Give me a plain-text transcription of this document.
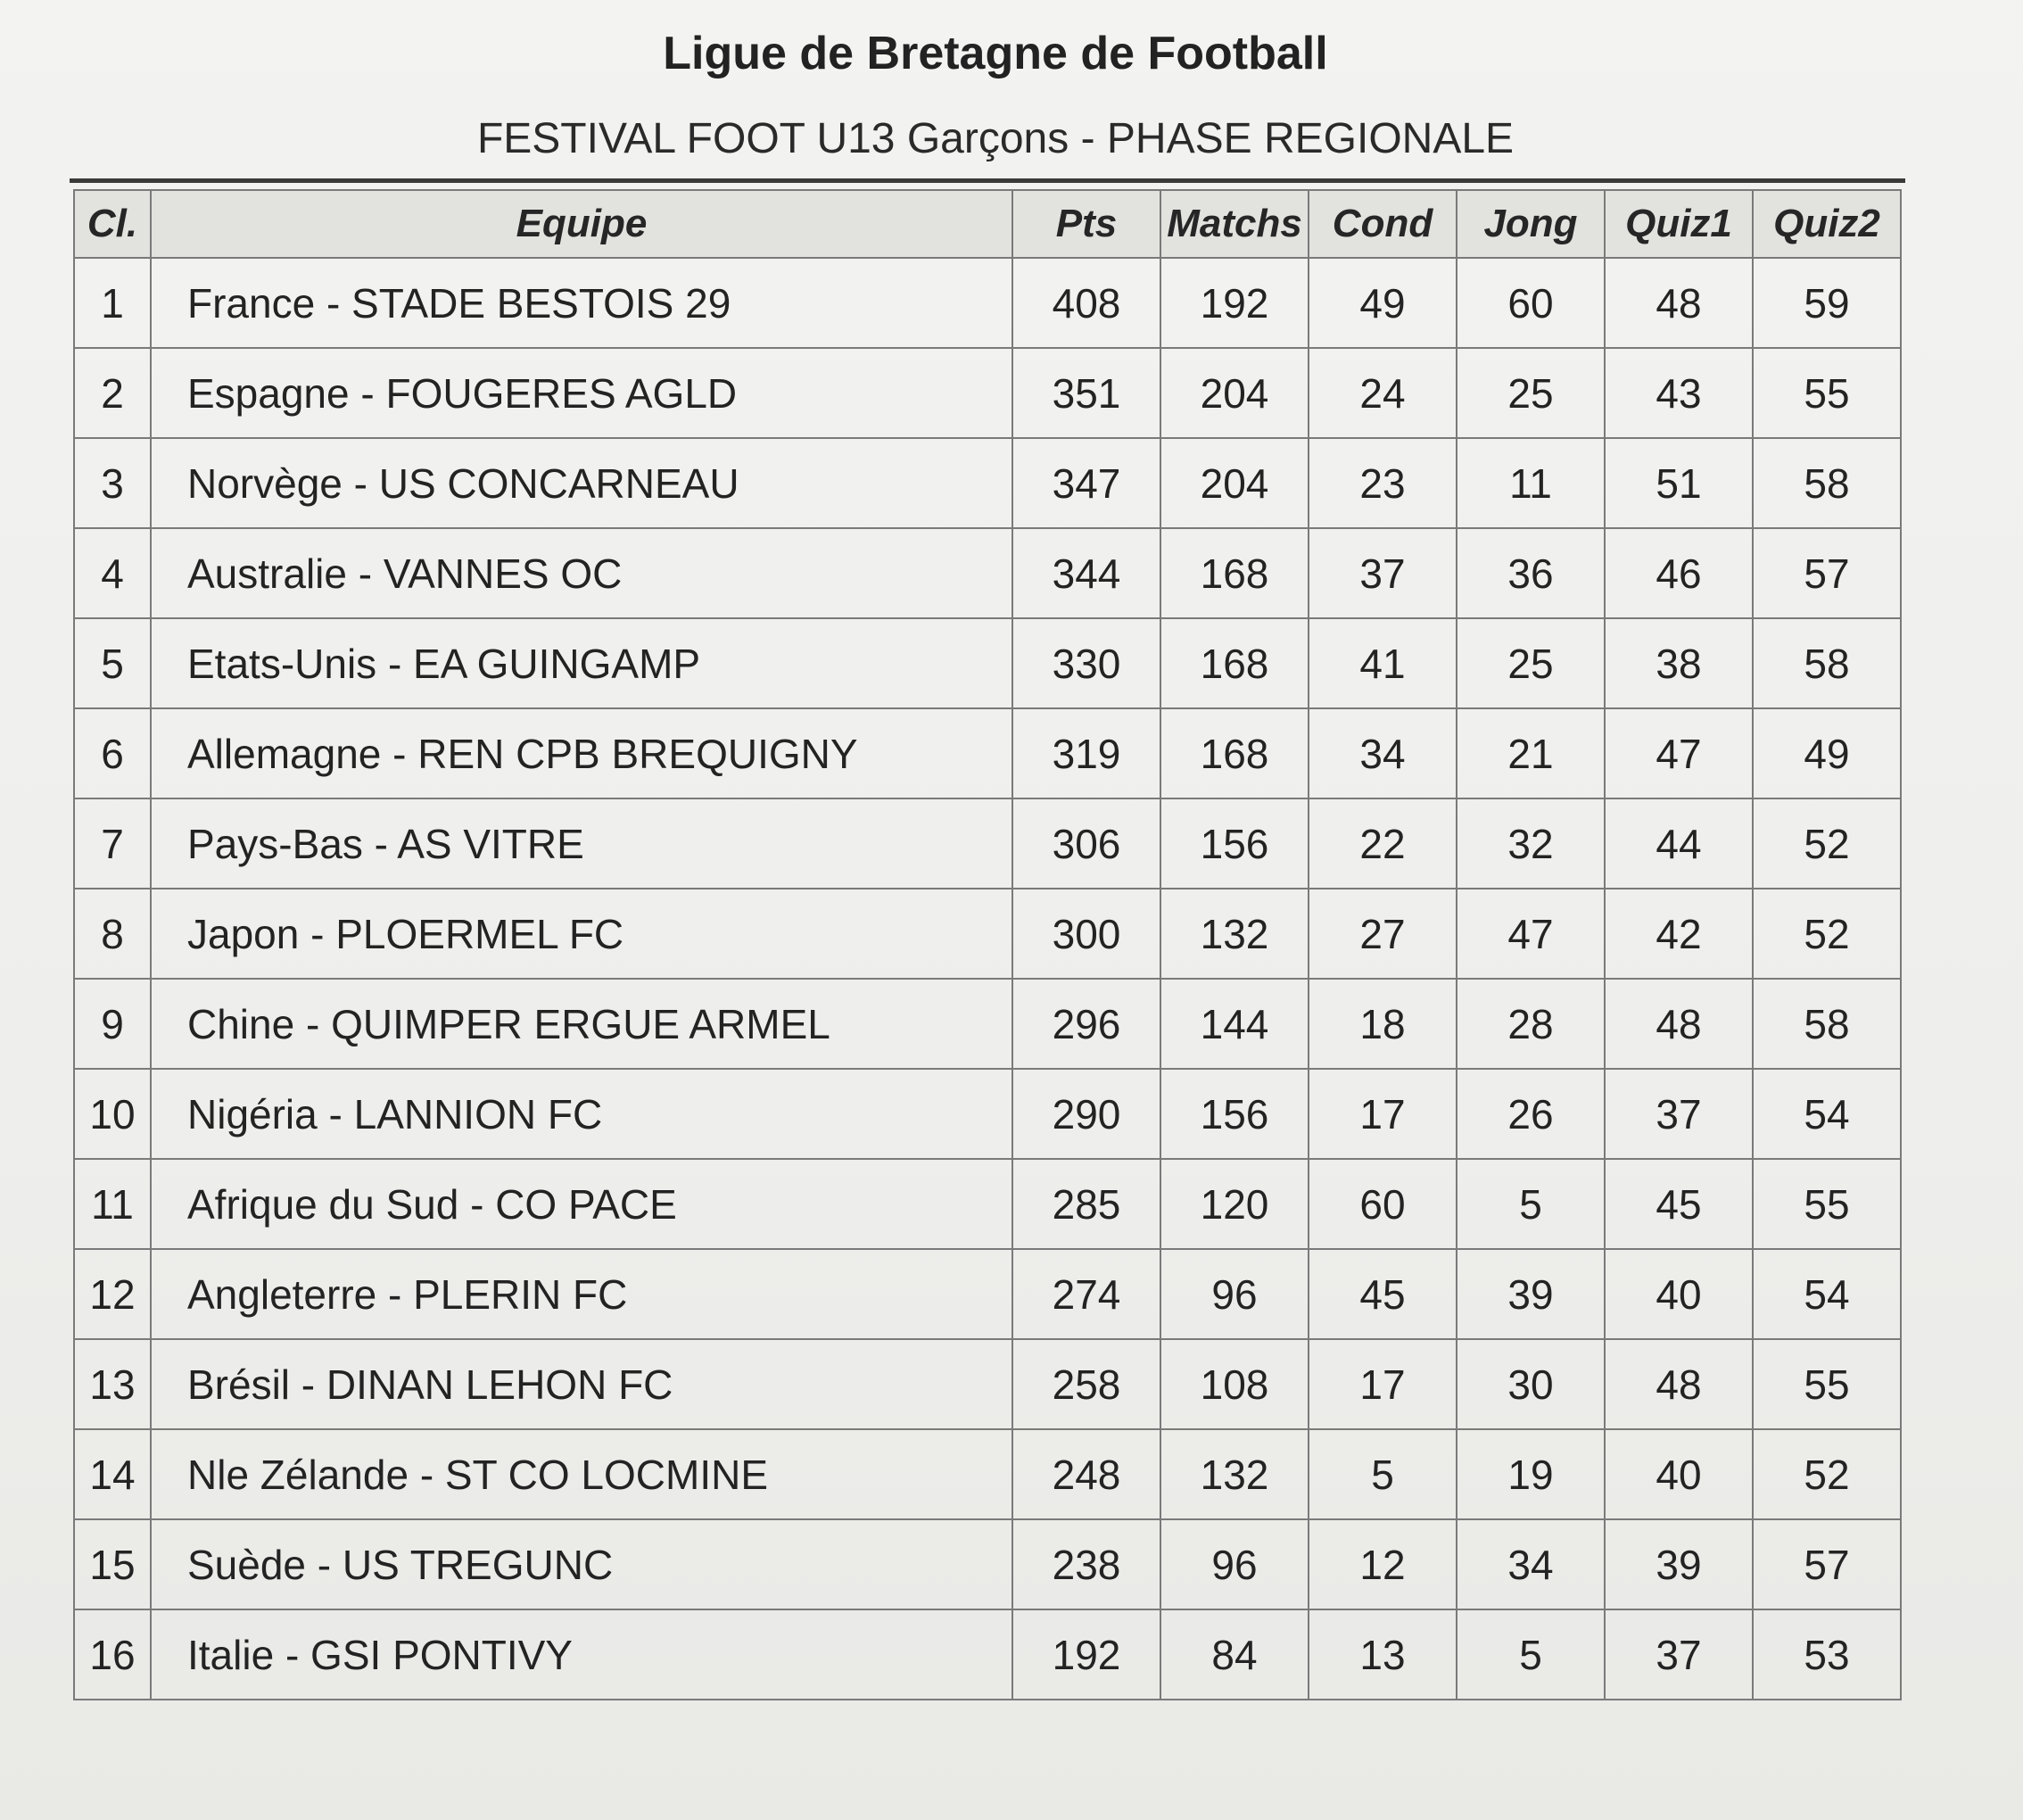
Ligue de Bretagne de Football
FESTIVAL FOOT U13 Garçons - PHASE REGIONALE
Cl.	Equipe	Pts	Matchs	Cond	Jong	Quiz1	Quiz2
1	France - STADE BESTOIS 29	408	192	49	60	48	59
2	Espagne - FOUGERES AGLD	351	204	24	25	43	55
3	Norvège - US CONCARNEAU	347	204	23	11	51	58
4	Australie - VANNES OC	344	168	37	36	46	57
5	Etats-Unis - EA GUINGAMP	330	168	41	25	38	58
6	Allemagne - REN CPB BREQUIGNY	319	168	34	21	47	49
7	Pays-Bas - AS VITRE	306	156	22	32	44	52
8	Japon - PLOERMEL FC	300	132	27	47	42	52
9	Chine - QUIMPER ERGUE ARMEL	296	144	18	28	48	58
10	Nigéria - LANNION FC	290	156	17	26	37	54
11	Afrique du Sud - CO PACE	285	120	60	5	45	55
12	Angleterre - PLERIN FC	274	96	45	39	40	54
13	Brésil - DINAN LEHON FC	258	108	17	30	48	55
14	Nle Zélande - ST CO LOCMINE	248	132	5	19	40	52
15	Suède - US TREGUNC	238	96	12	34	39	57
16	Italie - GSI PONTIVY	192	84	13	5	37	53
